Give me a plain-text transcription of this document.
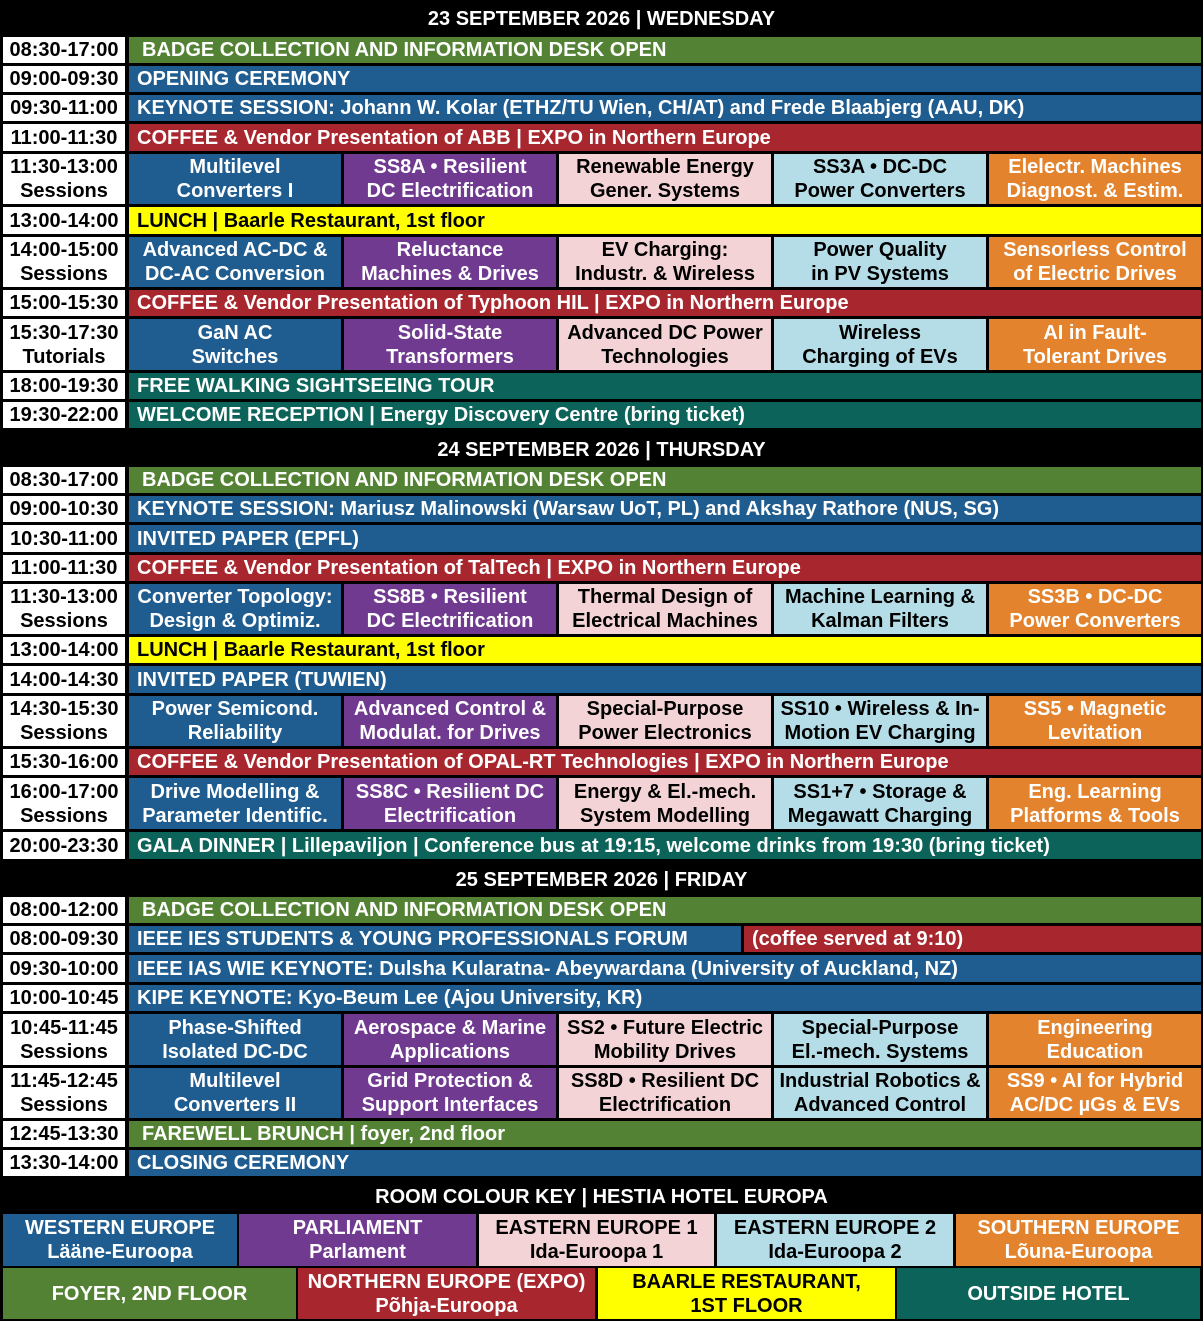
23 SEPTEMBER 2026 | WEDNESDAY
08:30-17:00 BADGE COLLECTION AND INFORMATION DESK OPEN
09:00-09:30 OPENING CEREMONY
09:30-11:00 KEYNOTE SESSION: Johann W. Kolar (ETHZ/TU Wien, CH/AT) and Frede Blaabjerg (AAU, DK)
11:00-11:30 COFFEE & Vendor Presentation of ABB | EXPO in Northern Europe
11:30-13:00
Sessions
Multilevel
Converters I
SS8A • Resilient
DC Electrification
Renewable Energy
Gener. Systems
SS3A • DC-DC
Power Converters
Elelectr. Machines
Diagnost. & Estim.
13:00-14:00 LUNCH | Baarle Restaurant, 1st floor
14:00-15:00
Sessions
Advanced AC-DC &
DC-AC Conversion
Reluctance
Machines & Drives
EV Charging:
Industr. & Wireless
Power Quality
in PV Systems
Sensorless Control
of Electric Drives
15:00-15:30 COFFEE & Vendor Presentation of Typhoon HIL | EXPO in Northern Europe
15:30-17:30
Tutorials
GaN AC
Switches
Solid-State
Transformers
Advanced DC Power
Technologies
Wireless
Charging of EVs
AI in Fault-
Tolerant Drives
18:00-19:30 FREE WALKING SIGHTSEEING TOUR
19:30-22:00 WELCOME RECEPTION | Energy Discovery Centre (bring ticket)
24 SEPTEMBER 2026 | THURSDAY
08:30-17:00 BADGE COLLECTION AND INFORMATION DESK OPEN
09:00-10:30 KEYNOTE SESSION: Mariusz Malinowski (Warsaw UoT, PL) and Akshay Rathore (NUS, SG)
10:30-11:00 INVITED PAPER (EPFL)
11:00-11:30 COFFEE & Vendor Presentation of TalTech | EXPO in Northern Europe
11:30-13:00
Sessions
Converter Topology:
Design & Optimiz.
SS8B • Resilient
DC Electrification
Thermal Design of
Electrical Machines
Machine Learning &
Kalman Filters
SS3B • DC-DC
Power Converters
13:00-14:00 LUNCH | Baarle Restaurant, 1st floor
14:00-14:30 INVITED PAPER (TUWIEN)
14:30-15:30
Sessions
Power Semicond.
Reliability
Advanced Control &
Modulat. for Drives
Special-Purpose
Power Electronics
SS10 • Wireless & In-
Motion EV Charging
SS5 • Magnetic
Levitation
15:30-16:00 COFFEE & Vendor Presentation of OPAL-RT Technologies | EXPO in Northern Europe
16:00-17:00
Sessions
Drive Modelling &
Parameter Identific.
SS8C • Resilient DC
Electrification
Energy & El.-mech.
System Modelling
SS1+7 • Storage &
Megawatt Charging
Eng. Learning
Platforms & Tools
20:00-23:30 GALA DINNER | Lillepaviljon | Conference bus at 19:15, welcome drinks from 19:30 (bring ticket)
25 SEPTEMBER 2026 | FRIDAY
08:00-12:00 BADGE COLLECTION AND INFORMATION DESK OPEN
08:00-09:30 IEEE IES STUDENTS & YOUNG PROFESSIONALS FORUM	(coffee served at 9:10)
09:30-10:00 IEEE IAS WIE KEYNOTE: Dulsha Kularatna- Abeywardana (University of Auckland, NZ)
10:00-10:45 KIPE KEYNOTE: Kyo-Beum Lee (Ajou University, KR)
10:45-11:45
Sessions
Phase-Shifted
Isolated DC-DC
Aerospace & Marine
Applications
SS2 • Future Electric
Mobility Drives
Special-Purpose
El.-mech. Systems
Engineering
Education
11:45-12:45
Sessions
Multilevel
Converters II
Grid Protection &
Support Interfaces
SS8D • Resilient DC
Electrification
Industrial Robotics &
Advanced Control
SS9 • AI for Hybrid
AC/DC µGs & EVs
12:45-13:30 FAREWELL BRUNCH | foyer, 2nd floor
13:30-14:00 CLOSING CEREMONY
ROOM COLOUR KEY | HESTIA HOTEL EUROPA
WESTERN EUROPE
Lääne-Euroopa
PARLIAMENT
Parlament
EASTERN EUROPE 1
Ida-Euroopa 1
EASTERN EUROPE 2
Ida-Euroopa 2
SOUTHERN EUROPE
Lõuna-Euroopa
FOYER, 2ND FLOOR
NORTHERN EUROPE (EXPO)
Põhja-Euroopa
BAARLE RESTAURANT,
1ST FLOOR
OUTSIDE HOTEL
